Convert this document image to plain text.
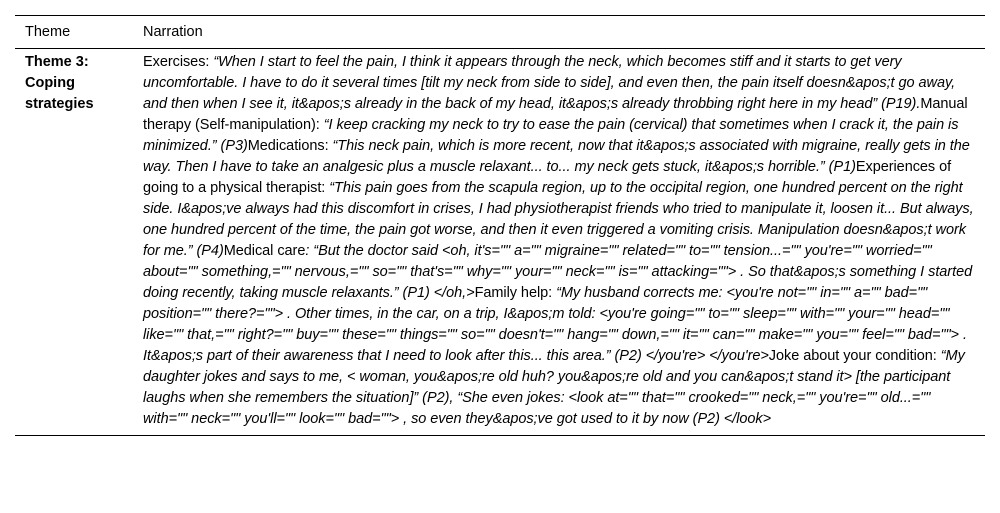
Theme	Narration
Theme 3: Coping strategies	Exercises: “When I start to feel the pain, I think it appears through the neck, which becomes stiff and it starts to get very uncomfortable. I have to do it several times [tilt my neck from side to side], and even then, the pain itself doesn&apos;t go away, and then when I see it, it&apos;s already in the back of my head, it&apos;s already throbbing right here in my head” (P19).Manual therapy (Self-manipulation): “I keep cracking my neck to try to ease the pain (cervical) that sometimes when I crack it, the pain is minimized.” (P3)Medications: “This neck pain, which is more recent, now that it&apos;s associated with migraine, really gets in the way. Then I have to take an analgesic plus a muscle relaxant... to... my neck gets stuck, it&apos;s horrible.” (P1)Experiences of going to a physical therapist: “This pain goes from the scapula region, up to the occipital region, one hundred percent on the right side. I&apos;ve always had this discomfort in crises, I had physiotherapist friends who tried to manipulate it, loosen it... But always, one hundred percent of the time, the pain got worse, and then it even triggered a vomiting crisis. Manipulation doesn&apos;t work for me.” (P4)Medical care: “But the doctor said <oh, it's="" a="" migraine="" related="" to="" tension...="" you're="" worried="" about="" something,="" nervous,="" so="" that's="" why="" your="" neck="" is="" attacking=""> . So that&apos;s something I started doing recently, taking muscle relaxants.” (P1) </oh,>Family help: “My husband corrects me: <you're not="" in="" a="" bad="" position="" there?=""> . Other times, in the car, on a trip, I&apos;m told: <you're going="" to="" sleep="" with="" your="" head="" like="" that,="" right?="" buy="" these="" things="" so="" doesn't="" hang="" down,="" it="" can="" make="" you="" feel="" bad=""> . It&apos;s part of their awareness that I need to look after this... this area.” (P2) </you're> </you're>Joke about your condition: “My daughter jokes and says to me, < woman, you&apos;re old huh? you&apos;re old and you can&apos;t stand it> [the participant laughs when she remembers the situation]” (P2), “She even jokes: <look at="" that="" crooked="" neck,="" you're="" old...="" with="" neck="" you'll="" look="" bad=""> , so even they&apos;ve got used to it by now (P2) </look>
